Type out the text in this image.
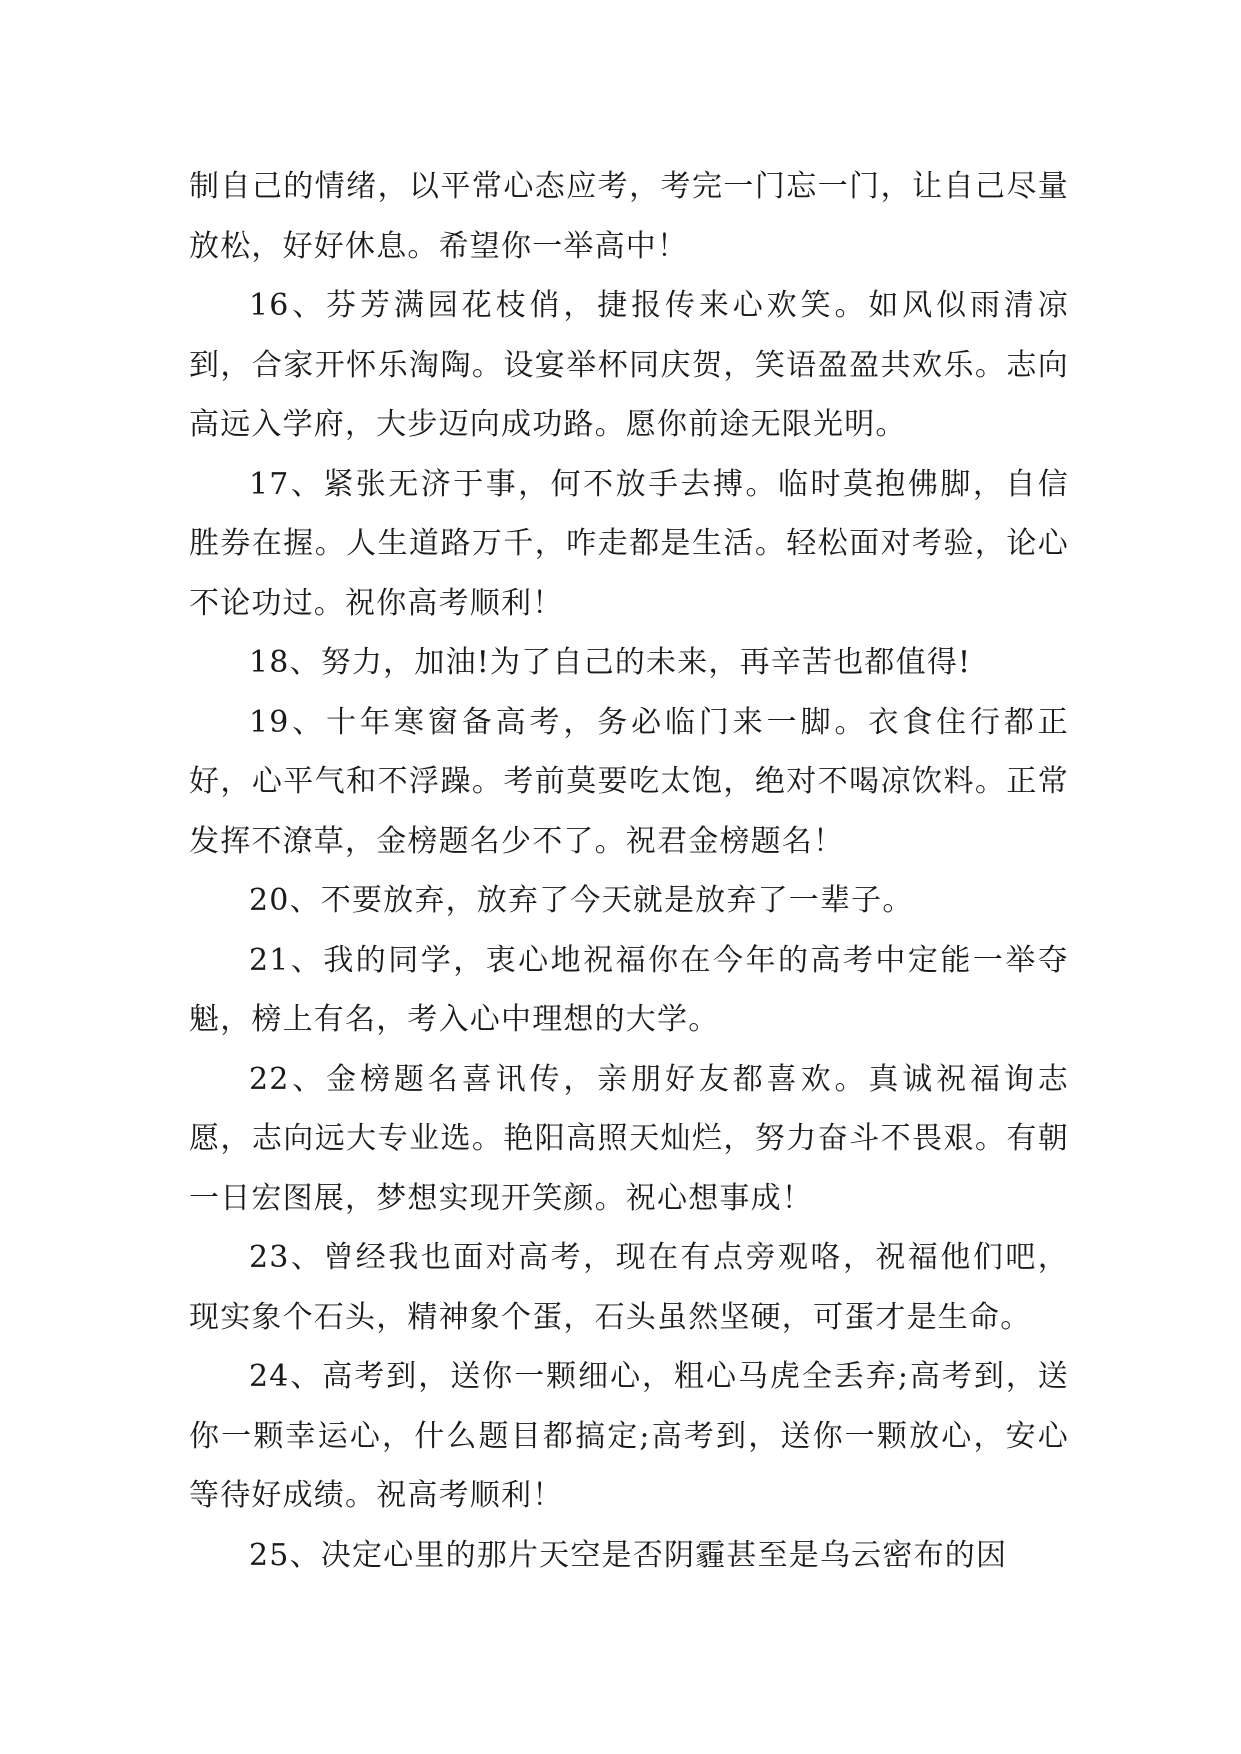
制自己的情绪，以平常心态应考，考完一门忘一门，让自己尽量放松，好好休息。希望你一举高中！

16、芬芳满园花枝俏，捷报传来心欢笑。如风似雨清凉到，合家开怀乐淘陶。设宴举杯同庆贺，笑语盈盈共欢乐。志向高远入学府，大步迈向成功路。愿你前途无限光明。

17、紧张无济于事，何不放手去搏。临时莫抱佛脚，自信胜券在握。人生道路万千，咋走都是生活。轻松面对考验，论心不论功过。祝你高考顺利！

18、努力，加油!为了自己的未来，再辛苦也都值得!

19、十年寒窗备高考，务必临门来一脚。衣食住行都正好，心平气和不浮躁。考前莫要吃太饱，绝对不喝凉饮料。正常发挥不潦草，金榜题名少不了。祝君金榜题名！

20、不要放弃，放弃了今天就是放弃了一辈子。

21、我的同学，衷心地祝福你在今年的高考中定能一举夺魁，榜上有名，考入心中理想的大学。

22、金榜题名喜讯传，亲朋好友都喜欢。真诚祝福询志愿，志向远大专业选。艳阳高照天灿烂，努力奋斗不畏艰。有朝一日宏图展，梦想实现开笑颜。祝心想事成！

23、曾经我也面对高考，现在有点旁观咯，祝福他们吧，现实象个石头，精神象个蛋，石头虽然坚硬，可蛋才是生命。

24、高考到，送你一颗细心，粗心马虎全丢弃;高考到，送你一颗幸运心，什么题目都搞定;高考到，送你一颗放心，安心等待好成绩。祝高考顺利！

25、决定心里的那片天空是否阴霾甚至是乌云密布的因
